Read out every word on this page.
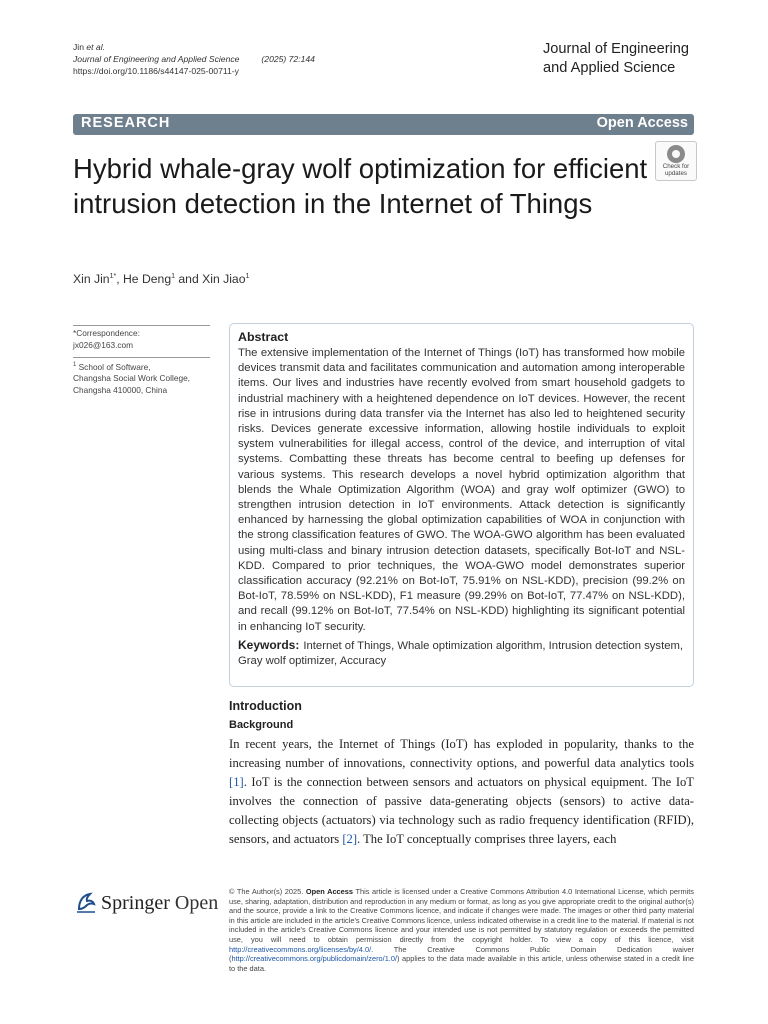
Jin et al.
Journal of Engineering and Applied Science	(2025) 72:144
https://doi.org/10.1186/s44147-025-00711-y
Journal of Engineering
and Applied Science
RESEARCH	Open Access
Hybrid whale-gray wolf optimization for efficient intrusion detection in the Internet of Things
Check for
updates
Xin Jin$^{1*}$, He Deng$^1$ and Xin Jiao$^1$
*Correspondence:
jx026@163.com
$^1$ School of Software,
Changsha Social Work College,
Changsha 410000, China
Abstract
The extensive implementation of the Internet of Things (IoT) has transformed how mobile devices transmit data and facilitates communication and automation among interoperable items. Our lives and industries have recently evolved from smart household gadgets to industrial machinery with a heightened dependence on IoT devices. However, the recent rise in intrusions during data transfer via the Internet has also led to heightened security risks. Devices generate excessive information, allowing hostile individuals to exploit system vulnerabilities for illegal access, control of the device, and interruption of vital systems. Combatting these threats has become central to beefing up defenses for various systems. This research develops a novel hybrid optimization algorithm that blends the Whale Optimization Algorithm (WOA) and gray wolf optimizer (GWO) to strengthen intrusion detection in IoT environments. Attack detection is significantly enhanced by harnessing the global optimization capabilities of WOA in conjunction with the strong classification features of GWO. The WOA-GWO algorithm has been evaluated using multi-class and binary intrusion detection datasets, specifically Bot-IoT and NSL-KDD. Compared to prior techniques, the WOA-GWO model demonstrates superior classification accuracy (92.21% on Bot-IoT, 75.91% on NSL-KDD), precision (99.2% on Bot-IoT, 78.59% on NSL-KDD), F1 measure (99.29% on Bot-IoT, 77.47% on NSL-KDD), and recall (99.12% on Bot-IoT, 77.54% on NSL-KDD) highlighting its significant potential in enhancing IoT security.
Keywords: Internet of Things, Whale optimization algorithm, Intrusion detection system, Gray wolf optimizer, Accuracy
Introduction
Background
In recent years, the Internet of Things (IoT) has exploded in popularity, thanks to the increasing number of innovations, connectivity options, and powerful data analytics tools [1]. IoT is the connection between sensors and actuators on physical equipment. The IoT involves the connection of passive data-generating objects (sensors) to active data-collecting objects (actuators) via technology such as radio frequency identification (RFID), sensors, and actuators [2]. The IoT conceptually comprises three layers, each
Springer Open
© The Author(s) 2025. Open Access This article is licensed under a Creative Commons Attribution 4.0 International License, which permits use, sharing, adaptation, distribution and reproduction in any medium or format, as long as you give appropriate credit to the original author(s) and the source, provide a link to the Creative Commons licence, and indicate if changes were made. The images or other third party material in this article are included in the article's Creative Commons licence, unless indicated otherwise in a credit line to the material. If material is not included in the article's Creative Commons licence and your intended use is not permitted by statutory regulation or exceeds the permitted use, you will need to obtain permission directly from the copyright holder. To view a copy of this licence, visit http://creativecommons.org/licenses/by/4.0/. The Creative Commons Public Domain Dedication waiver (http://creativecommons.org/publicdomain/zero/1.0/) applies to the data made available in this article, unless otherwise stated in a credit line to the data.
